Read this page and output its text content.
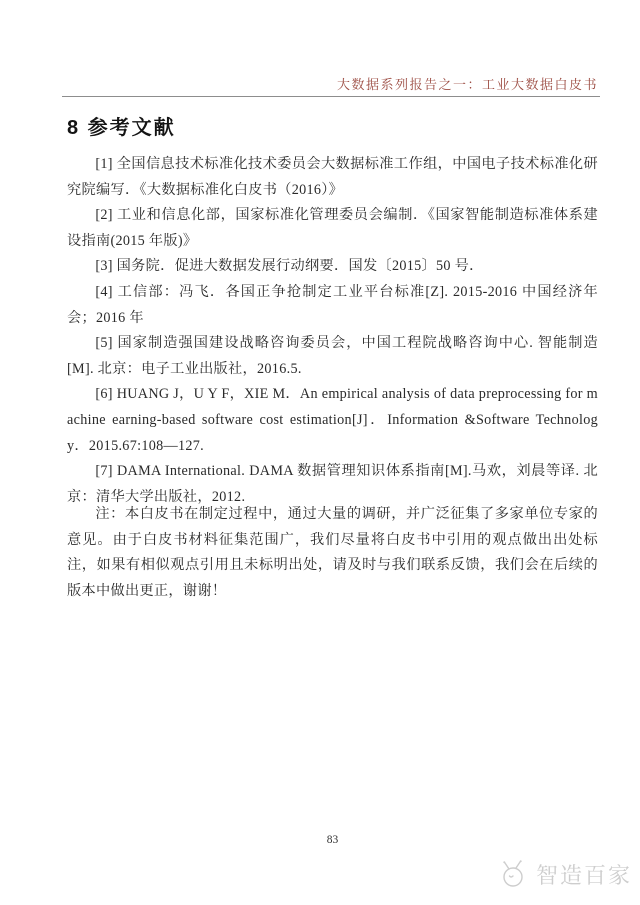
大数据系列报告之一：工业大数据白皮书
8 参考文献

[1] 全国信息技术标准化技术委员会大数据标准工作组，中国电子技术标准化研究院编写．《大数据标准化白皮书（2016）》

[2] 工业和信息化部，国家标准化管理委员会编制．《国家智能制造标准体系建设指南(2015 年版)》

[3] 国务院．促进大数据发展行动纲要．国发〔2015〕50 号．

[4] 工信部：冯飞．各国正争抢制定工业平台标准[Z]. 2015-2016 中国经济年会；2016 年

[5] 国家制造强国建设战略咨询委员会，中国工程院战略咨询中心. 智能制造[M]. 北京：电子工业出版社，2016.5.

[6] HUANG J，U Y F，XIE M．An empirical analysis of data preprocessing for machine earning-based software cost estimation[J]．Information &Software Technology．2015.67:108—127.

[7] DAMA International. DAMA 数据管理知识体系指南[M].马欢，刘晨等译. 北京：清华大学出版社，2012.

注：本白皮书在制定过程中，通过大量的调研，并广泛征集了多家单位专家的意见。由于白皮书材料征集范围广，我们尽量将白皮书中引用的观点做出出处标注，如果有相似观点引用且未标明出处，请及时与我们联系反馈，我们会在后续的版本中做出更正，谢谢！

83
智造百家
